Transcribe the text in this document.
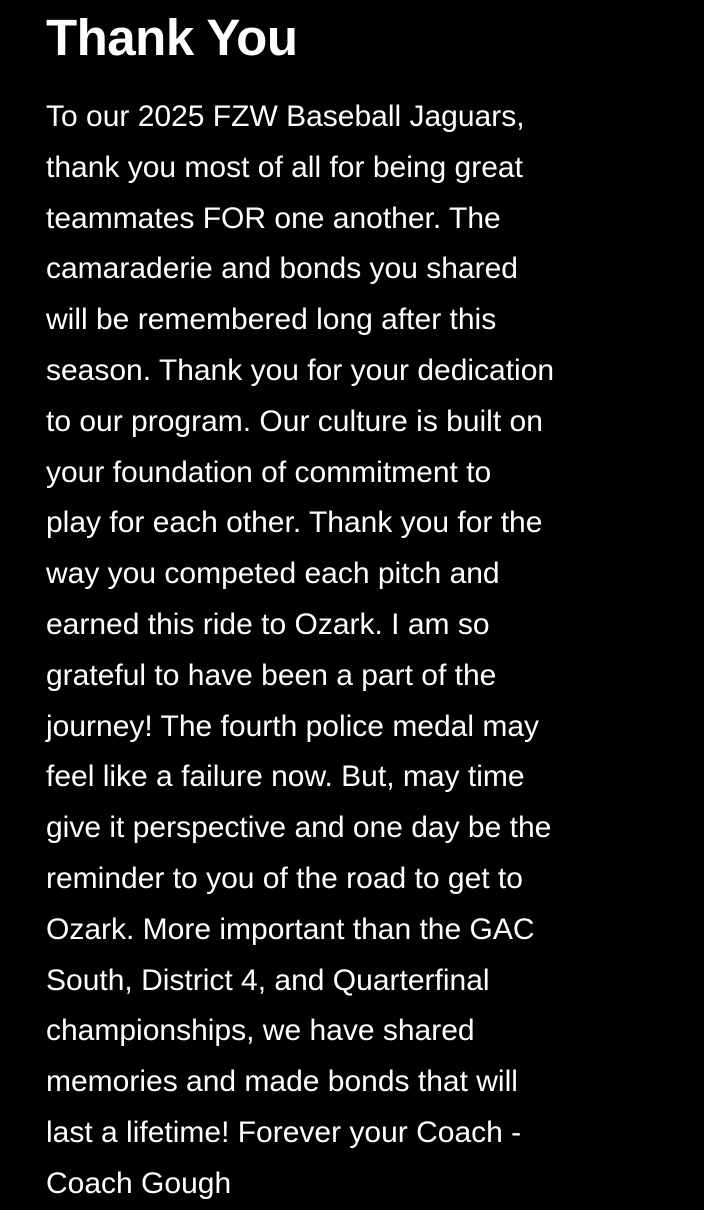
Thank You
To our 2025 FZW Baseball Jaguars,
thank you most of all for being great
teammates FOR one another. The
camaraderie and bonds you shared
will be remembered long after this
season. Thank you for your dedication
to our program. Our culture is built on
your foundation of commitment to
play for each other. Thank you for the
way you competed each pitch and
earned this ride to Ozark. I am so
grateful to have been a part of the
journey! The fourth police medal may
feel like a failure now. But, may time
give it perspective and one day be the
reminder to you of the road to get to
Ozark. More important than the GAC
South, District 4, and Quarterfinal
championships, we have shared
memories and made bonds that will
last a lifetime! Forever your Coach -
Coach Gough
